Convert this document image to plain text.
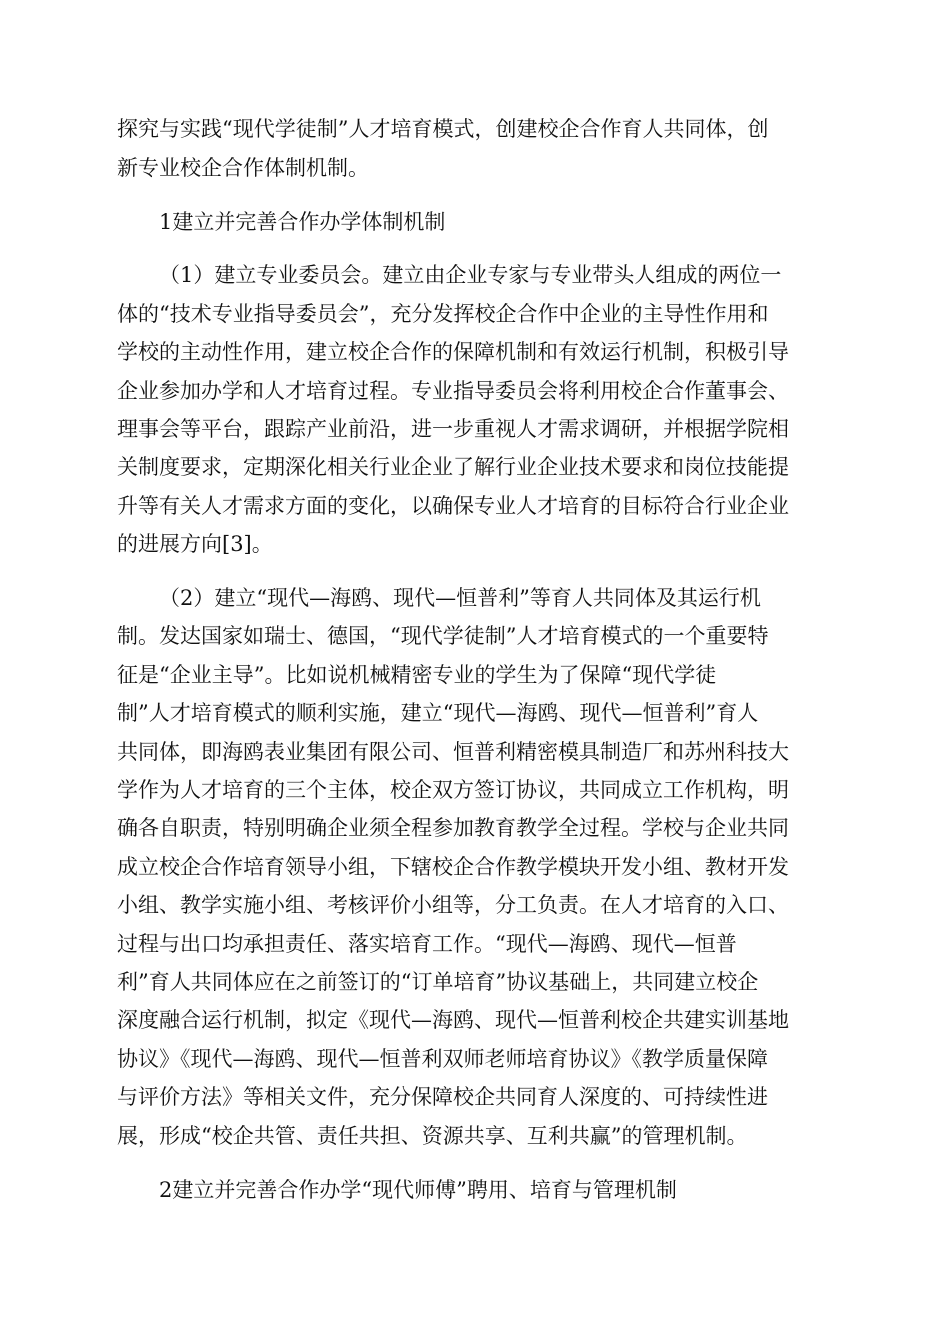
探究与实践“现代学徒制”人才培育模式，创建校企合作育人共同体，创
新专业校企合作体制机制。
1建立并完善合作办学体制机制
（1）建立专业委员会。建立由企业专家与专业带头人组成的两位一
体的“技术专业指导委员会”，充分发挥校企合作中企业的主导性作用和
学校的主动性作用，建立校企合作的保障机制和有效运行机制，积极引导
企业参加办学和人才培育过程。专业指导委员会将利用校企合作董事会、
理事会等平台，跟踪产业前沿，进一步重视人才需求调研，并根据学院相
关制度要求，定期深化相关行业企业了解行业企业技术要求和岗位技能提
升等有关人才需求方面的变化，以确保专业人才培育的目标符合行业企业
的进展方向[3]。
（2）建立“现代—海鸥、现代—恒普利”等育人共同体及其运行机
制。发达国家如瑞士、德国，“现代学徒制”人才培育模式的一个重要特
征是“企业主导”。比如说机械精密专业的学生为了保障“现代学徒
制”人才培育模式的顺利实施，建立“现代—海鸥、现代—恒普利”育人
共同体，即海鸥表业集团有限公司、恒普利精密模具制造厂和苏州科技大
学作为人才培育的三个主体，校企双方签订协议，共同成立工作机构，明
确各自职责，特别明确企业须全程参加教育教学全过程。学校与企业共同
成立校企合作培育领导小组，下辖校企合作教学模块开发小组、教材开发
小组、教学实施小组、考核评价小组等，分工负责。在人才培育的入口、
过程与出口均承担责任、落实培育工作。“现代—海鸥、现代—恒普
利”育人共同体应在之前签订的“订单培育”协议基础上，共同建立校企
深度融合运行机制，拟定《现代—海鸥、现代—恒普利校企共建实训基地
协议》《现代—海鸥、现代—恒普利双师老师培育协议》《教学质量保障
与评价方法》等相关文件，充分保障校企共同育人深度的、可持续性进
展，形成“校企共管、责任共担、资源共享、互利共赢”的管理机制。
2建立并完善合作办学“现代师傅”聘用、培育与管理机制
